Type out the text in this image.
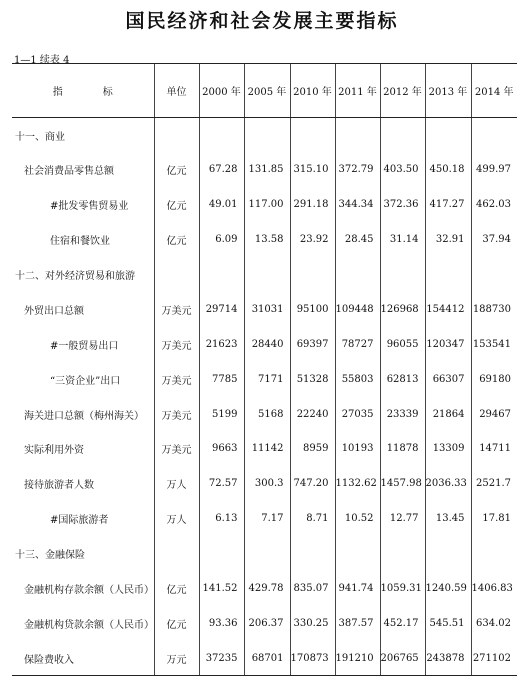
国民经济和社会发展主要指标
1—1 续表 4
指　　　　标	单位	2000 年	2005 年	2010 年	2011 年	2012 年	2013 年	2014 年

十一、商业								

社会消费品零售总额	亿元	67.28	131.85	315.10	372.79	403.50	450.18	499.97

#批发零售贸易业	亿元	49.01	117.00	291.18	344.34	372.36	417.27	462.03

住宿和餐饮业	亿元	6.09	13.58	23.92	28.45	31.14	32.91	37.94

十二、对外经济贸易和旅游								

外贸出口总额	万美元	29714	31031	95100	109448	126968	154412	188730

#一般贸易出口	万美元	21623	28440	69397	78727	96055	120347	153541

“三资企业”出口	万美元	7785	7171	51328	55803	62813	66307	69180

海关进口总额（梅州海关）	万美元	5199	5168	22240	27035	23339	21864	29467

实际利用外资	万美元	9663	11142	8959	10193	11878	13309	14711

接待旅游者人数	万人	72.57	300.3	747.20	1132.62	1457.98	2036.33	2521.7

#国际旅游者	万人	6.13	7.17	8.71	10.52	12.77	13.45	17.81

十三、金融保险								

金融机构存款余额（人民币）	亿元	141.52	429.78	835.07	941.74	1059.31	1240.59	1406.83

金融机构贷款余额（人民币）	亿元	93.36	206.37	330.25	387.57	452.17	545.51	634.02

保险费收入	万元	37235	68701	170873	191210	206765	243878	271102
